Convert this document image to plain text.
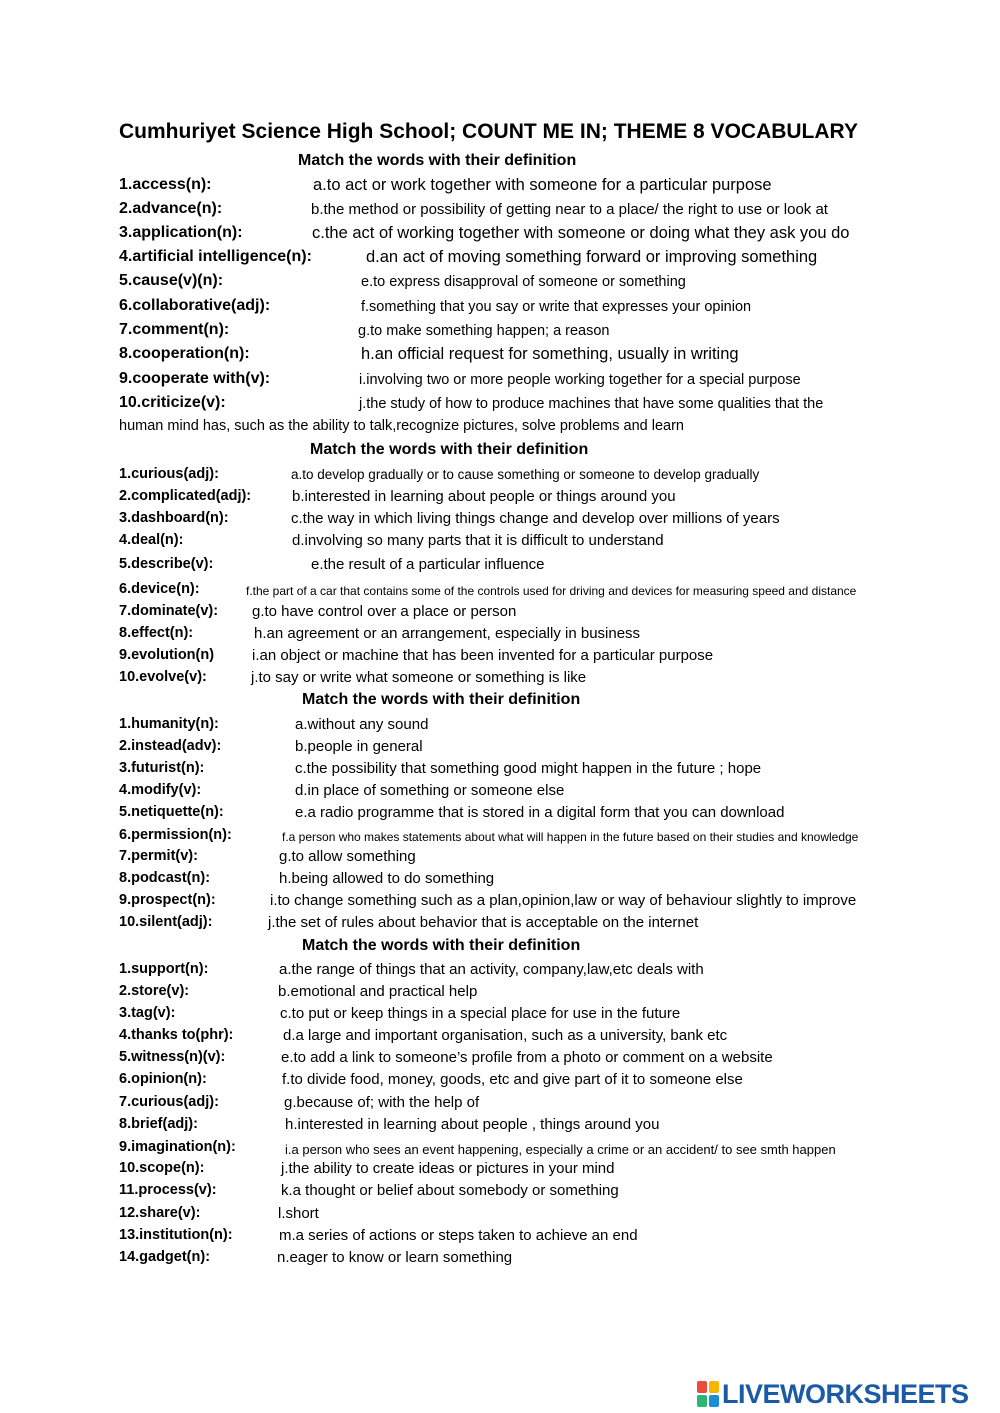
Cumhuriyet Science High School; COUNT ME IN; THEME 8 VOCABULARY
Match the words with their definition
1.access(n):	a.to act or work together with someone for a particular purpose
2.advance(n):	b.the method or possibility of getting near to a place/ the right to use or look at
3.application(n):	c.the act of working together with someone or doing what they ask you do
4.artificial intelligence(n):	d.an act of moving something forward or improving something
5.cause(v)(n):	e.to express disapproval of someone or something
6.collaborative(adj):	f.something that you say or write that expresses your opinion
7.comment(n):	g.to make something happen; a reason
8.cooperation(n):	h.an official request for something, usually in writing
9.cooperate with(v):	i.involving two or more people working together for a special purpose
10.criticize(v):	j.the study of how to produce machines that have some qualities that the
human mind has, such as the ability to talk,recognize pictures, solve problems and learn
Match the words with their definition
1.curious(adj):	a.to develop gradually or to cause something or someone to develop gradually
2.complicated(adj):	b.interested in learning about people or things around you
3.dashboard(n):	c.the way in which living things change and develop over millions of years
4.deal(n):	d.involving so many parts that it is difficult to understand
5.describe(v):	e.the result of a particular influence
6.device(n):	f.the part of a car that contains some of the controls used for driving and devices for measuring speed and distance
7.dominate(v): g.to have control over a place or person
8.effect(n):	h.an agreement or an arrangement, especially in business
9.evolution(n)	i.an object or machine that has been invented for a particular purpose
10.evolve(v):	j.to say or write what someone or something is like
Match the words with their definition
1.humanity(n):	a.without any sound
2.instead(adv):	b.people in general
3.futurist(n):	c.the possibility that something good might happen in the future ; hope
4.modify(v):	d.in place of something or someone else
5.netiquette(n):	e.a radio programme that is stored in a digital form that you can download
6.permission(n):	f.a person who makes statements about what will happen in the future based on their studies and knowledge
7.permit(v):	g.to allow something
8.podcast(n):	h.being allowed to do something
9.prospect(n):	i.to change something such as a plan,opinion,law or way of behaviour slightly to improve
10.silent(adj):	j.the set of rules about behavior that is acceptable on the internet
Match the words with their definition
1.support(n):	a.the range of things that an activity, company,law,etc deals with
2.store(v):	b.emotional and practical help
3.tag(v):	c.to put or keep things in a special place for use in the future
4.thanks to(phr):	d.a large and important organisation, such as a university, bank etc
5.witness(n)(v):	e.to add a link to someone’s profile from a photo or comment on a website
6.opinion(n):	f.to divide food, money, goods, etc and give part of it to someone else
7.curious(adj):	g.because of; with the help of
8.brief(adj):	h.interested in learning about people , things around you
9.imagination(n):	i.a person who sees an event happening, especially a crime or an accident/ to see smth happen
10.scope(n):	j.the ability to create ideas or pictures in your mind
11.process(v):	k.a thought or belief about somebody or something
12.share(v):	l.short
13.institution(n):	m.a series of actions or steps taken to achieve an end
14.gadget(n):	n.eager to know or learn something
LIVEWORKSHEETS
